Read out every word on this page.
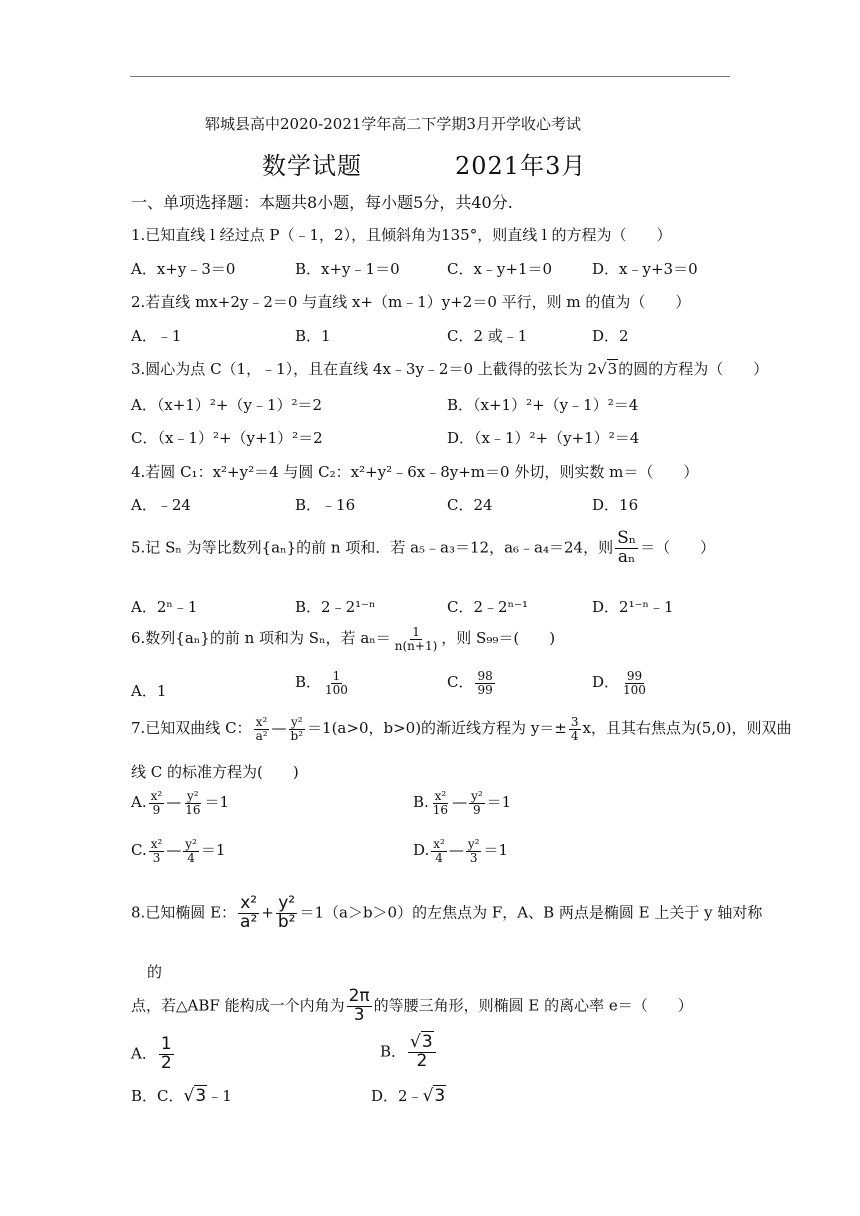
郓城县高中2020-2021学年高二下学期3月开学收心考试
数学试题	2021年3月
一、单项选择题：本题共8小题，每小题5分，共40分.
1.已知直线 l 经过点 P（﹣1，2），且倾斜角为135°，则直线 l 的方程为（　　）
A．x+y﹣3＝0	B．x+y﹣1＝0	C．x﹣y+1＝0	D．x﹣y+3＝0
2.若直线 mx+2y﹣2＝0 与直线 x+（m﹣1）y+2＝0 平行，则 m 的值为（　　）
A．﹣1	B．1	C．2 或﹣1	D．2
3.圆心为点 C（1，﹣1），且在直线 4x﹣3y﹣2＝0 上截得的弦长为 2√3的圆的方程为（　　）
A．（x+1）²+（y﹣1）²＝2	B．（x+1）²+（y﹣1）²＝4
C．（x﹣1）²+（y+1）²＝2	D．（x﹣1）²+（y+1）²＝4
4.若圆 C₁：x²+y²＝4 与圆 C₂：x²+y²﹣6x﹣8y+m＝0 外切，则实数 m＝（　　）
A．﹣24	B．﹣16	C．24	D．16
5.记 Sₙ 为等比数列{aₙ}的前 n 项和．若 a₅﹣a₃＝12，a₆﹣a₄＝24，则 $\frac{\text{Sₙ}}{\text{aₙ}}$ ＝（　　）
A．2ⁿ﹣1	B．2﹣2¹⁻ⁿ	C．2﹣2ⁿ⁻¹	D．2¹⁻ⁿ﹣1
6.数列{aₙ}的前 n 项和为 Sₙ，若 $a_n= \frac{1}{n(n+1)}$ ，则 S₉₉＝(　　)
A．1	B． $\frac{1}{100}$	C． $\frac{98}{99}$	D． $\frac{99}{100}$
7.已知双曲线 C： $\frac{\text{x²}}{\text{a²}}$ — $\frac{\text{y²}}{\text{b²}} =1(a>0$，b>0)的渐近线方程为 $y=\pm \frac{3}{4}$ x，且其右焦点为(5,0)，则双曲
线 C 的标准方程为(　　)
A. $\frac{\text{x²}}{9}$ — $\frac{\text{y²}}{16} =1$	B. $\frac{\text{x²}}{16}$ — $\frac{\text{y²}}{9} =1$
C. $\frac{\text{x²}}{3}$ — $\frac{\text{y²}}{4} =1$	D. $\frac{\text{x²}}{4}$ — $\frac{\text{y²}}{3} =1$
8.已知椭圆 E： $\frac{\text{x²}}{\text{a²}} + \frac{\text{y²}}{\text{b²}} =1(a>b>0)$的左焦点为 F，A、B 两点是椭圆 E 上关于 y 轴对称
的
点，若△ABF 能构成一个内角为 $\frac{2\pi}{3}$ 的等腰三角形，则椭圆 E 的离心率 e＝（　　）
A． $\frac{1}{2}$	B． $\frac{√3}{2}$
B．C．√3﹣1	D．2﹣√3
